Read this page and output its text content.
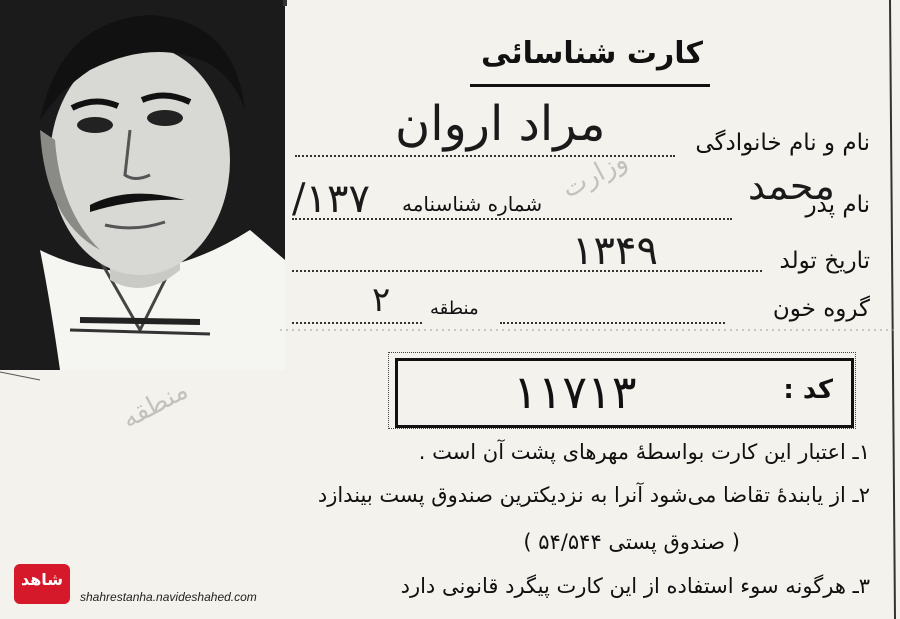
کارت شناسائی
نام و نام خانوادگی
مراد اروان
نام پدر
محمد
شماره شناسنامه
۱۳۷/
تاریخ تولد
۱۳۴۹
گروه خون
منطقه
۲
کد :
۱۱۷۱۳
منطقه
وزارت
۱ـ اعتبار این کارت بواسطۀ مهرهای پشت آن است .
۲ـ از یابندۀ تقاضا می‌شود آنرا به نزدیکترین صندوق پست بیندازد
( صندوق پستی ۵۴/۵۴۴ )
۳ـ هرگونه سوء استفاده از این کارت پیگرد قانونی دارد
شاهد
shahrestanha.navideshahed.com
